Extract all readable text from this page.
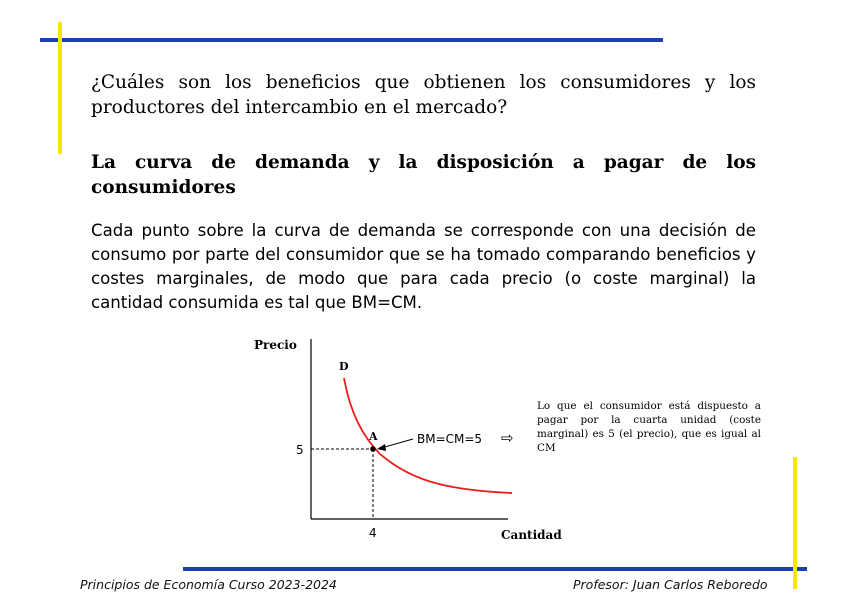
¿Cuáles son los beneficios que obtienen los consumidores y los productores del intercambio en el mercado?

La curva de demanda y la disposición a pagar de los consumidores

Cada punto sobre la curva de demanda se corresponde con una decisión de consumo por parte del consumidor que se ha tomado comparando beneficios y costes marginales, de modo que para cada precio (o coste marginal) la cantidad consumida es tal que BM=CM.

Precio
Cantidad
D
A
5
4
BM=CM=5 ⇨

Lo que el consumidor está dispuesto a pagar por la cuarta unidad (coste marginal) es 5 (el precio), que es igual al CM

Principios de Economía Curso 2023-2024	Profesor: Juan Carlos Reboredo
